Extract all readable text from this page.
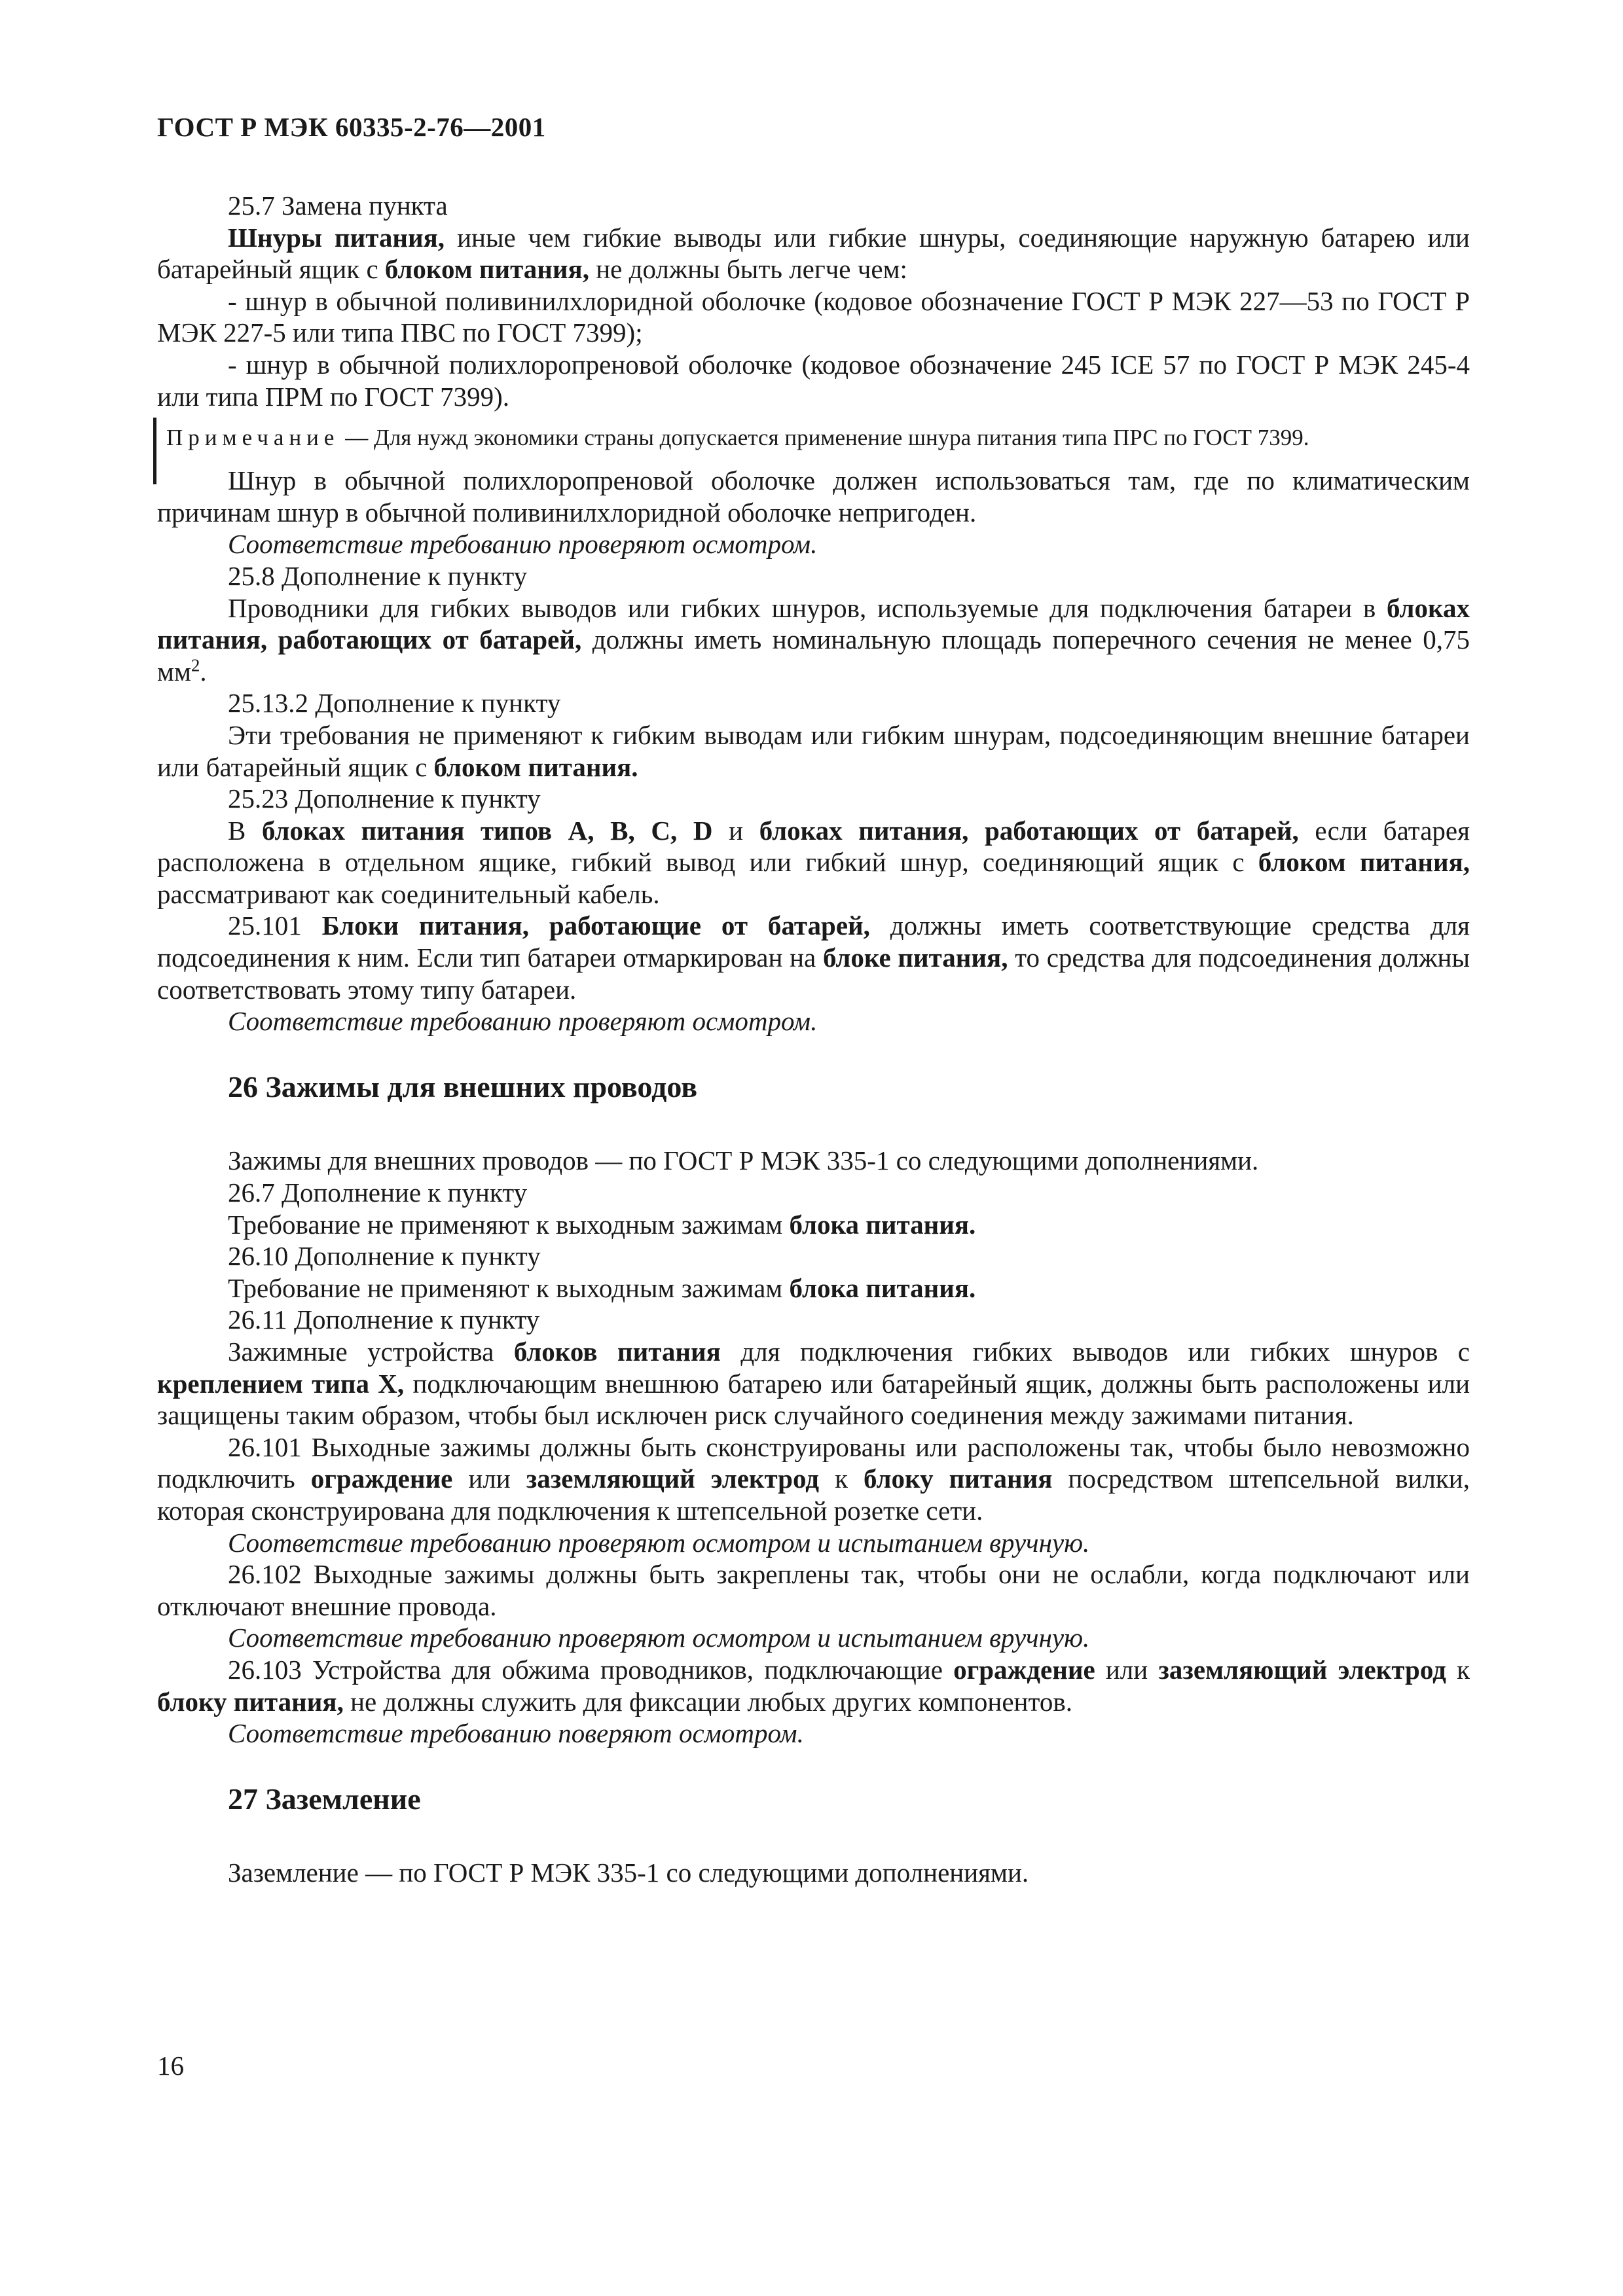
ГОСТ Р МЭК 60335-2-76—2001

25.7 Замена пункта

Шнуры питания, иные чем гибкие выводы или гибкие шнуры, соединяющие наружную батарею или батарейный ящик с блоком питания, не должны быть легче чем:

- шнур в обычной поливинилхлоридной оболочке (кодовое обозначение ГОСТ Р МЭК 227—53 по ГОСТ Р МЭК 227-5 или типа ПВС по ГОСТ 7399);

- шнур в обычной полихлоропреновой оболочке (кодовое обозначение 245 ICE 57 по ГОСТ Р МЭК 245-4 или типа ПРМ по ГОСТ 7399).

Примечание — Для нужд экономики страны допускается применение шнура питания типа ПРС по ГОСТ 7399.

Шнур в обычной полихлоропреновой оболочке должен использоваться там, где по климатическим причинам шнур в обычной поливинилхлоридной оболочке непригоден.

Соответствие требованию проверяют осмотром.

25.8 Дополнение к пункту

Проводники для гибких выводов или гибких шнуров, используемые для подключения батареи в блоках питания, работающих от батарей, должны иметь номинальную площадь поперечного сечения не менее 0,75 $мм^2$.

25.13.2 Дополнение к пункту

Эти требования не применяют к гибким выводам или гибким шнурам, подсоединяющим внешние батареи или батарейный ящик с блоком питания.

25.23 Дополнение к пункту

В блоках питания типов А, В, С, D и блоках питания, работающих от батарей, если батарея расположена в отдельном ящике, гибкий вывод или гибкий шнур, соединяющий ящик с блоком питания, рассматривают как соединительный кабель.

25.101 Блоки питания, работающие от батарей, должны иметь соответствующие средства для подсоединения к ним. Если тип батареи отмаркирован на блоке питания, то средства для подсоединения должны соответствовать этому типу батареи.

Соответствие требованию проверяют осмотром.

26 Зажимы для внешних проводов

Зажимы для внешних проводов — по ГОСТ Р МЭК 335-1 со следующими дополнениями.

26.7 Дополнение к пункту

Требование не применяют к выходным зажимам блока питания.

26.10 Дополнение к пункту

Требование не применяют к выходным зажимам блока питания.

26.11 Дополнение к пункту

Зажимные устройства блоков питания для подключения гибких выводов или гибких шнуров с креплением типа X, подключающим внешнюю батарею или батарейный ящик, должны быть расположены или защищены таким образом, чтобы был исключен риск случайного соединения между зажимами питания.

26.101 Выходные зажимы должны быть сконструированы или расположены так, чтобы было невозможно подключить ограждение или заземляющий электрод к блоку питания посредством штепсельной вилки, которая сконструирована для подключения к штепсельной розетке сети.

Соответствие требованию проверяют осмотром и испытанием вручную.

26.102 Выходные зажимы должны быть закреплены так, чтобы они не ослабли, когда подключают или отключают внешние провода.

Соответствие требованию проверяют осмотром и испытанием вручную.

26.103 Устройства для обжима проводников, подключающие ограждение или заземляющий электрод к блоку питания, не должны служить для фиксации любых других компонентов.

Соответствие требованию поверяют осмотром.

27 Заземление

Заземление — по ГОСТ Р МЭК 335-1 со следующими дополнениями.

16
